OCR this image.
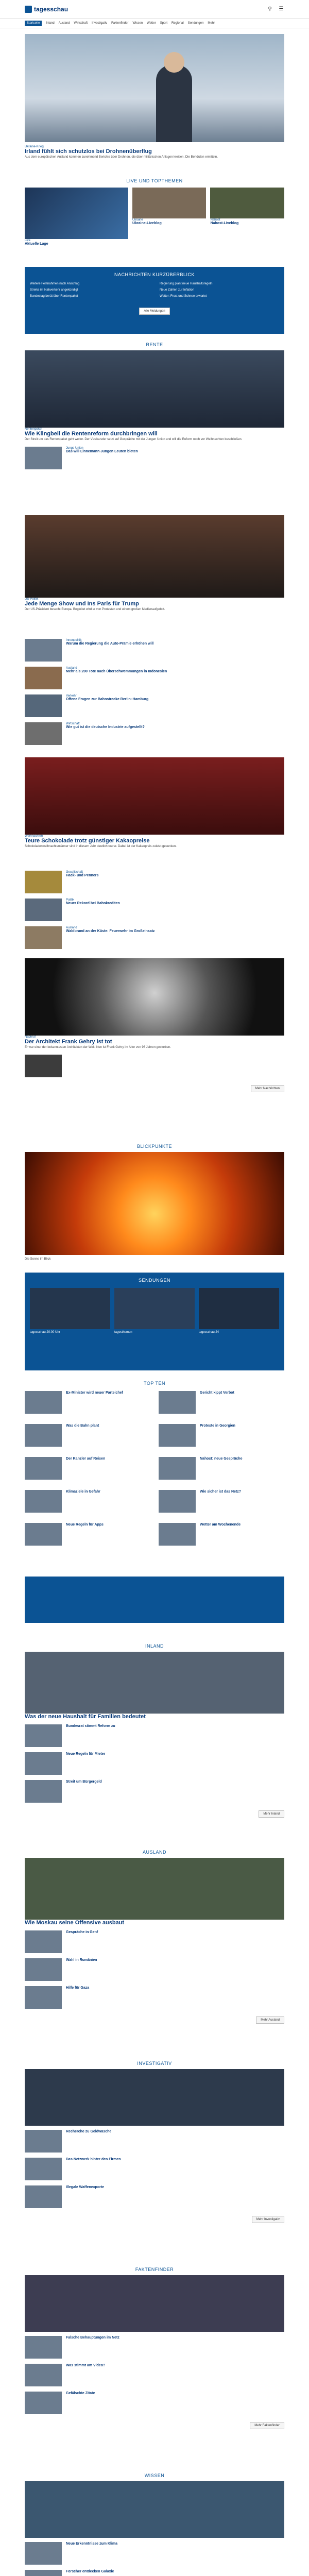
tagesschau	⚲ ☰
Startseite	Inland Ausland Wirtschaft Investigativ Faktenfinder Wissen Wetter Sport Regional Sendungen Mehr
Ukraine-Krieg
Irland fühlt sich schutzlos bei Drohnenüberflug
Aus dem europäischen Ausland kommen zunehmend Berichte über Drohnen, die über militärischen Anlagen kreisen. Die Behörden ermitteln.
LIVE UND TOPTHEMEN
Live
Aktuelle Lage
Ukraine
Ukraine-Liveblog
Nahost
Nahost-Liveblog
NACHRICHTEN KURZÜBERBLICK
Weitere Festnahmen nach Anschlag	Regierung plant neue Haushaltsregeln
Streiks im Nahverkehr angekündigt	Neue Zahlen zur Inflation
Bundestag berät über Rentenpaket	Wetter: Frost und Schnee erwartet
Alle Meldungen
RENTE
Rentenpaket
Wie Klingbeil die Rentenreform durchbringen will
Der Streit um das Rentenpaket geht weiter. Der Vizekanzler setzt auf Gespräche mit der Jungen Union und will die Reform noch vor Weihnachten beschließen.
Junge Union
Das will Linnemann Jungen Leuten bieten
US-Politik
Jede Menge Show und Ins Paris für Trump
Der US-Präsident besucht Europa. Begleitet wird er von Protesten und einem großen Medienaufgebot.
Innenpolitik
Warum die Regierung die Auto-Prämie erhöhen will
Ausland
Mehr als 200 Tote nach Überschwemmungen in Indonesien
Verkehr
Offene Fragen zur Bahnstrecke Berlin–Hamburg
Wirtschaft
Wie gut ist die deutsche Industrie aufgestellt?
Weihnachten
Teure Schokolade trotz günstiger Kakaopreise
Schokoladenweihnachtsmänner sind in diesem Jahr deutlich teurer. Dabei ist der Kakaopreis zuletzt gesunken.
Gesellschaft
Hack- und Penners
Politik
Neuer Rekord bei Bahnkrediten
Ausland
Waldbrand an der Küste: Feuerwehr im Großeinsatz
Nachruf
Der Architekt Frank Gehry ist tot
Er war einer der bekanntesten Architekten der Welt. Nun ist Frank Gehry im Alter von 96 Jahren gestorben.
Mehr Nachrichten
BLICKPUNKTE
Die Sonne im Blick
SENDUNGEN
tagesschau 20:00 Uhr	tagesthemen	tagesschau 24
TOP TEN
Ex-Minister wird neuer Parteichef	Gericht kippt Verbot
Was die Bahn plant	Proteste in Georgien
Der Kanzler auf Reisen	Nahost: neue Gespräche
Klimaziele in Gefahr	Wie sicher ist das Netz?
Neue Regeln für Apps	Wetter am Wochenende
INLAND
Was der neue Haushalt für Familien bedeutet
Bundesrat stimmt Reform zu
Neue Regeln für Mieter
Streit um Bürgergeld
Mehr Inland
AUSLAND
Wie Moskau seine Offensive ausbaut
Gespräche in Genf
Wahl in Rumänien
Hilfe für Gaza
Mehr Ausland
INVESTIGATIV
Recherche zu Geldwäsche
Das Netzwerk hinter den Firmen
Illegale Waffenexporte
Mehr Investigativ
FAKTENFINDER
Falsche Behauptungen im Netz
Was stimmt am Video?
Gefälschte Zitate
Mehr Faktenfinder
WISSEN
Neue Erkenntnisse zum Klima
Forscher entdecken Galaxie
